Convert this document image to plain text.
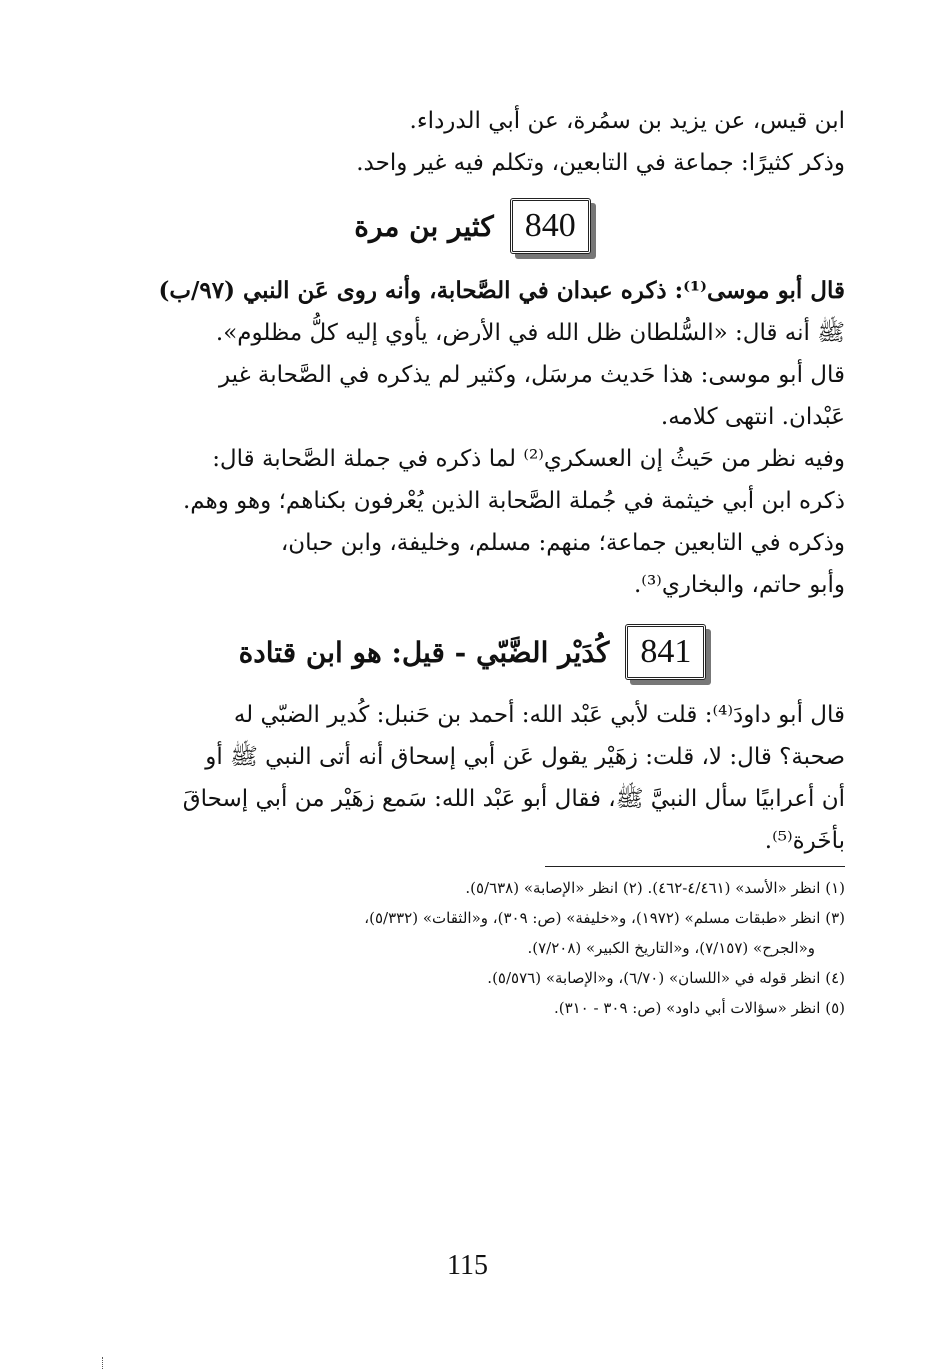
ابن قيس، عن يزيد بن سمُرة، عن أبي الدرداء.
وذكر كثيرًا: جماعة في التابعين، وتكلم فيه غير واحد.
840
كثير بن مرة
قال أبو موسى⁽¹⁾: ذكره عبدان في الصَّحابة، وأنه روى عَن النبي (٩٧/ب)
ﷺ أنه قال: «السُّلطان ظل الله في الأرض، يأوي إليه كلُّ مظلوم».
قال أبو موسى: هذا حَديث مرسَل، وكثير لم يذكره في الصَّحابة غير
عَبْدان. انتهى كلامه.
وفيه نظر من حَيثُ إن العسكري⁽²⁾ لما ذكره في جملة الصَّحابة قال:
ذكره ابن أبي خيثمة في جُملة الصَّحابة الذين يُعْرفون بكناهم؛ وهو وهم.
وذكره في التابعين جماعة؛ منهم: مسلم، وخليفة، وابن حبان،
وأبو حاتم، والبخاري⁽³⁾.
841
كُدَيْر الضَّبّي - قيل: هو ابن قتادة
قال أبو داودَ⁽⁴⁾: قلت لأبي عَبْد الله: أحمد بن حَنبل: كُدير الضبّي له
صحبة؟ قال: لا، قلت: زهَيْر يقول عَن أبي إسحاق أنه أتى النبي ﷺ أو
أن أعرابيًا سأل النبيَّ ﷺ، فقال أبو عَبْد الله: سَمع زهَيْر من أبي إسحاقَ
بأخَرة⁽⁵⁾.
(١) انظر «الأسد» (٤/٤٦١-٤٦٢). (٢) انظر «الإصابة» (٥/٦٣٨).
(٣) انظر «طبقات مسلم» (١٩٧٢)، و«خليفة» (ص: ٣٠٩)، و«الثقات» (٥/٣٣٢)،
و«الجرح» (٧/١٥٧)، و«التاريخ الكبير» (٧/٢٠٨).
(٤) انظر قوله في «اللسان» (٦/٧٠)، و«الإصابة» (٥/٥٧٦).
(٥) انظر «سؤالات أبي داود» (ص: ٣٠٩ - ٣١٠).
115
